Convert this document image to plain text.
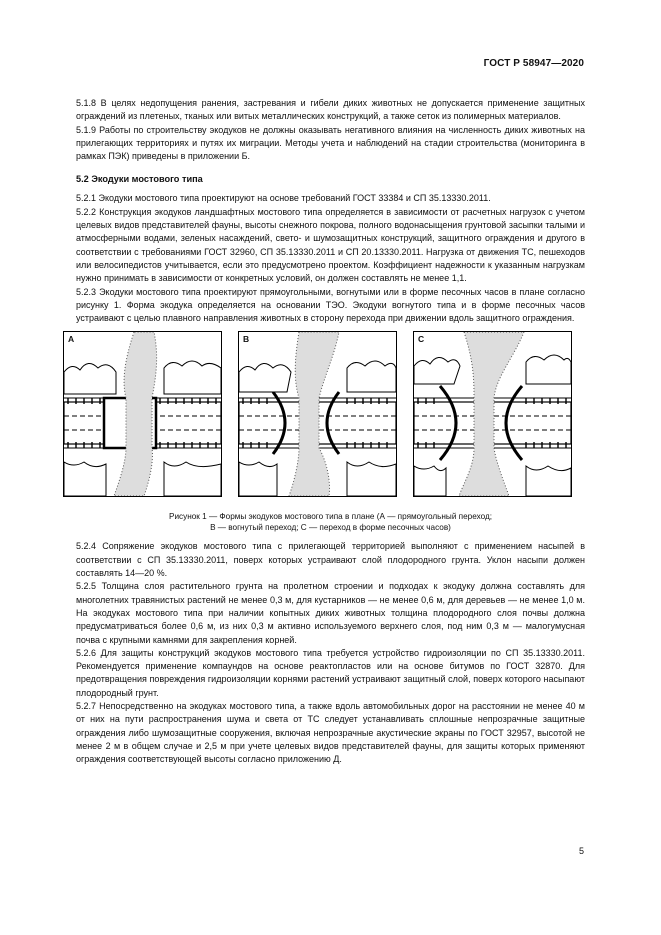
ГОСТ Р 58947—2020

5.1.8 В целях недопущения ранения, застревания и гибели диких животных не допускается применение защитных ограждений из плетеных, тканых или витых металлических конструкций, а также сеток из полимерных материалов.

5.1.9 Работы по строительству экодуков не должны оказывать негативного влияния на численность диких животных на прилегающих территориях и путях их миграции. Методы учета и наблюдений на стадии строительства (мониторинга в рамках ПЭК) приведены в приложении Б.

5.2 Экодуки мостового типа

5.2.1 Экодуки мостового типа проектируют на основе требований ГОСТ 33384 и СП 35.13330.2011.

5.2.2 Конструкция экодуков ландшафтных мостового типа определяется в зависимости от расчетных нагрузок с учетом целевых видов представителей фауны, высоты снежного покрова, полного водонасыщения грунтовой засыпки талыми и атмосферными водами, зеленых насаждений, свето- и шумозащитных конструкций, защитного ограждения и другого в соответствии с требованиями ГОСТ 32960, СП 35.13330.2011 и СП 20.13330.2011. Нагрузка от движения ТС, пешеходов или велосипедистов учитывается, если это предусмотрено проектом. Коэффициент надежности к указанным нагрузкам нужно принимать в зависимости от конкретных условий, он должен составлять не менее 1,1.

5.2.3 Экодуки мостового типа проектируют прямоугольными, вогнутыми или в форме песочных часов в плане согласно рисунку 1. Форма экодука определяется на основании ТЭО. Экодуки вогнутого типа и в форме песочных часов устраивают с целью плавного направления животных в сторону перехода при движении вдоль защитного ограждения.

A	B	C
Рисунок 1 — Формы экодуков мостового типа в плане (А — прямоугольный переход;
В — вогнутый переход; С — переход в форме песочных часов)

5.2.4 Сопряжение экодуков мостового типа с прилегающей территорией выполняют с применением насыпей в соответствии с СП 35.13330.2011, поверх которых устраивают слой плодородного грунта. Уклон насыпи должен составлять 14—20 %.

5.2.5 Толщина слоя растительного грунта на пролетном строении и подходах к экодуку должна составлять для многолетних травянистых растений не менее 0,3 м, для кустарников — не менее 0,6 м, для деревьев — не менее 1,0 м. На экодуках мостового типа при наличии копытных диких животных толщина плодородного слоя почвы должна предусматриваться более 0,6 м, из них 0,3 м активно используемого верхнего слоя, под ним 0,3 м — малогумусная почва с крупными камнями для закрепления корней.

5.2.6 Для защиты конструкций экодуков мостового типа требуется устройство гидроизоляции по СП 35.13330.2011. Рекомендуется применение компаундов на основе реактопластов или на основе битумов по ГОСТ 32870. Для предотвращения повреждения гидроизоляции корнями растений устраивают защитный слой, поверх которого насыпают плодородный грунт.

5.2.7 Непосредственно на экодуках мостового типа, а также вдоль автомобильных дорог на расстоянии не менее 40 м от них на пути распространения шума и света от ТС следует устанавливать сплошные непрозрачные защитные ограждения либо шумозащитные сооружения, включая непрозрачные акустические экраны по ГОСТ 32957, высотой не менее 2 м в общем случае и 2,5 м при учете целевых видов представителей фауны, для защиты которых применяют ограждения соответствующей высоты согласно приложению Д.

5
